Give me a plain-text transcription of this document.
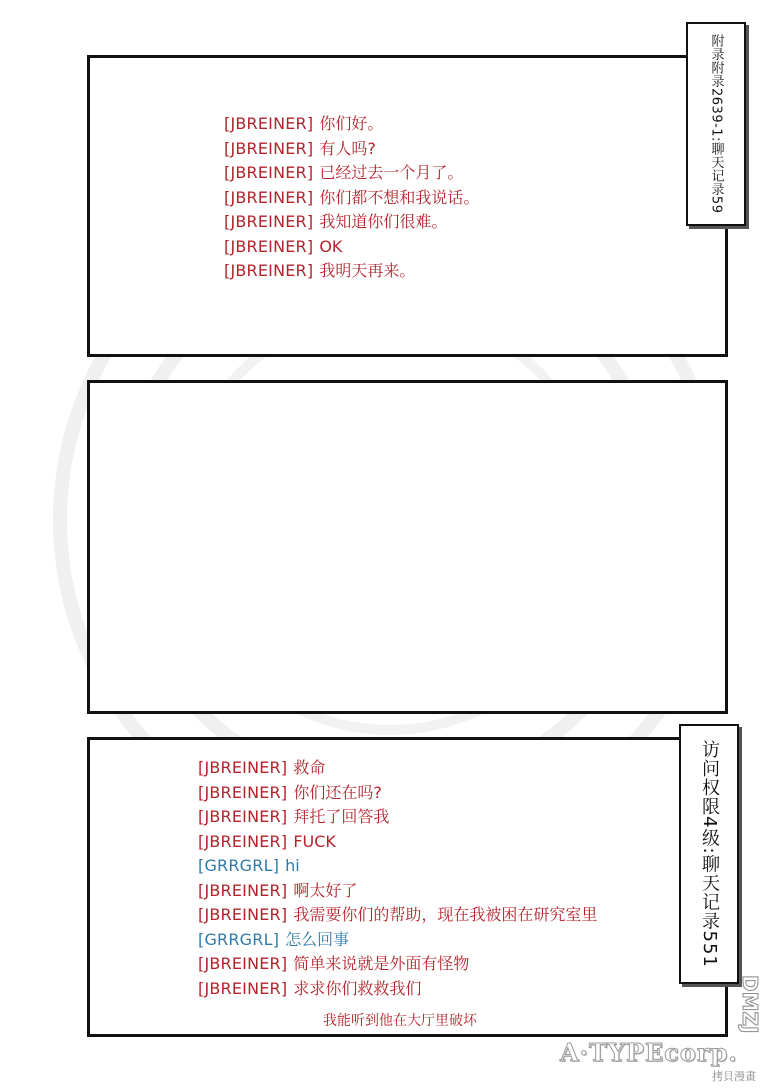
附录附录2639-1:聊天记录59
访问权限4级:聊天记录551
[JBREINER] 你们好。
[JBREINER] 有人吗?
[JBREINER] 已经过去一个月了。
[JBREINER] 你们都不想和我说话。
[JBREINER] 我知道你们很难。
[JBREINER] OK
[JBREINER] 我明天再来。
[JBREINER] 救命
[JBREINER] 你们还在吗?
[JBREINER] 拜托了回答我
[JBREINER] FUCK
[GRRGRL] hi
[JBREINER] 啊太好了
[JBREINER] 我需要你们的帮助，现在我被困在研究室里
[GRRGRL] 怎么回事
[JBREINER] 简单来说就是外面有怪物
[JBREINER] 求求你们救救我们
我能听到他在大厅里破坏
A·TYPEcorp.
DMZJ
拷貝漫畫
